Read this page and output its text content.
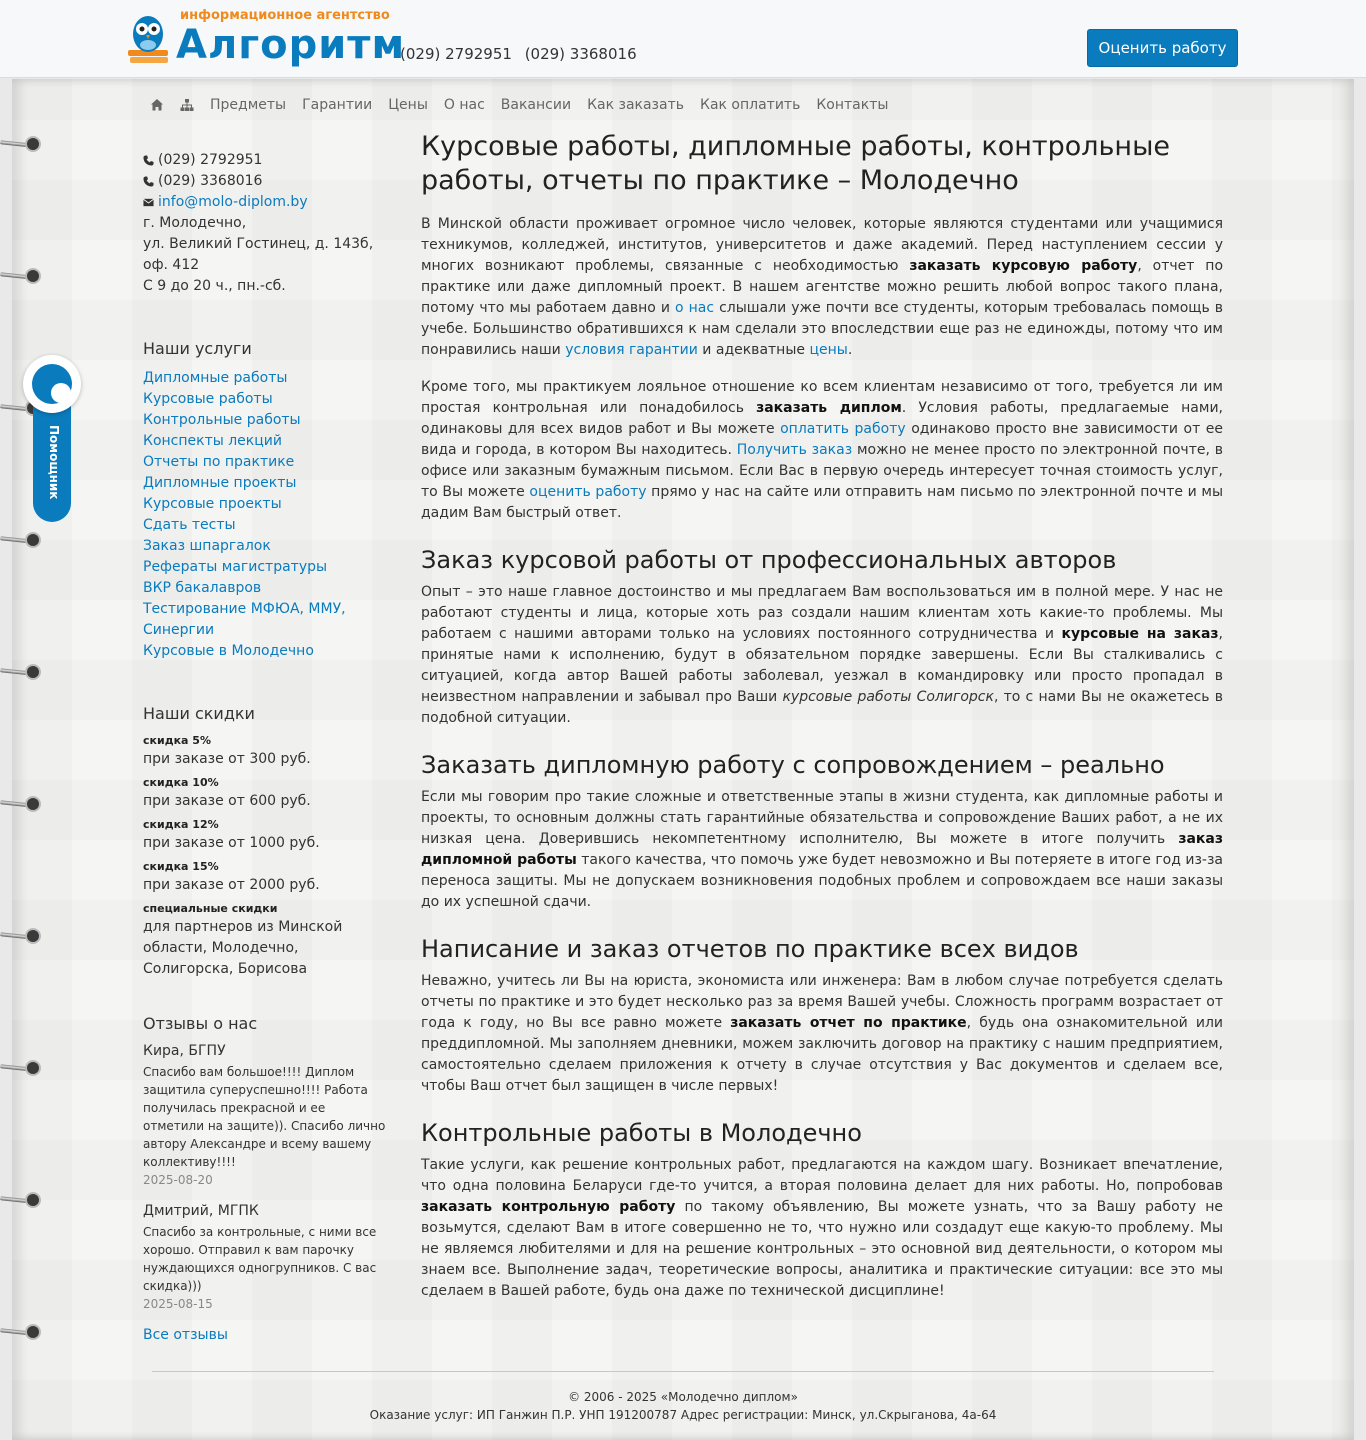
информационное агентство
Алгоритм
(029) 2792951 (029) 3368016	Оценить работу
Предметы Гарантии Цены О нас Вакансии Как заказать Как оплатить Контакты
(029) 2792951
(029) 3368016
info@molo-diplom.by
г. Молодечно,
ул. Великий Гостинец, д. 143б,
оф. 412
С 9 до 20 ч., пн.-сб.
Наши услуги
Дипломные работы
Курсовые работы
Контрольные работы
Конспекты лекций
Отчеты по практике
Дипломные проекты
Курсовые проекты
Сдать тесты
Заказ шпаргалок
Рефераты магистратуры
ВКР бакалавров
Тестирование МФЮА, ММУ, Синергии
Курсовые в Молодечно
Наши скидки
скидка 5%
при заказе от 300 руб.
скидка 10%
при заказе от 600 руб.
скидка 12%
при заказе от 1000 руб.
скидка 15%
при заказе от 2000 руб.
специальные скидки
для партнеров из Минской области, Молодечно, Солигорска, Борисова
Отзывы о нас
Кира, БГПУ
Спасибо вам большое!!!! Диплом защитила суперуспешно!!!! Работа получилась прекрасной и ее отметили на защите)). Спасибо лично автору Александре и всему вашему коллективу!!!!
2025-08-20
Дмитрий, МГПК
Спасибо за контрольные, с ними все хорошо. Отправил к вам парочку нуждающихся одногрупников. С вас скидка)))
2025-08-15
Все отзывы
Помощник
Курсовые работы, дипломные работы, контрольные работы, отчеты по практике – Молодечно

В Минской области проживает огромное число человек, которые являются студентами или учащимися техникумов, колледжей, институтов, университетов и даже академий. Перед наступлением сессии у многих возникают проблемы, связанные с необходимостью заказать курсовую работу, отчет по практике или даже дипломный проект. В нашем агентстве можно решить любой вопрос такого плана, потому что мы работаем давно и о нас слышали уже почти все студенты, которым требовалась помощь в учебе. Большинство обратившихся к нам сделали это впоследствии еще раз не единожды, потому что им понравились наши условия гарантии и адекватные цены.

Кроме того, мы практикуем лояльное отношение ко всем клиентам независимо от того, требуется ли им простая контрольная или понадобилось заказать диплом. Условия работы, предлагаемые нами, одинаковы для всех видов работ и Вы можете оплатить работу одинаково просто вне зависимости от ее вида и города, в котором Вы находитесь. Получить заказ можно не менее просто по электронной почте, в офисе или заказным бумажным письмом. Если Вас в первую очередь интересует точная стоимость услуг, то Вы можете оценить работу прямо у нас на сайте или отправить нам письмо по электронной почте и мы дадим Вам быстрый ответ.

Заказ курсовой работы от профессиональных авторов

Опыт – это наше главное достоинство и мы предлагаем Вам воспользоваться им в полной мере. У нас не работают студенты и лица, которые хоть раз создали нашим клиентам хоть какие-то проблемы. Мы работаем с нашими авторами только на условиях постоянного сотрудничества и курсовые на заказ, принятые нами к исполнению, будут в обязательном порядке завершены. Если Вы сталкивались с ситуацией, когда автор Вашей работы заболевал, уезжал в командировку или просто пропадал в неизвестном направлении и забывал про Ваши курсовые работы Солигорск, то с нами Вы не окажетесь в подобной ситуации.

Заказать дипломную работу с сопровождением – реально

Если мы говорим про такие сложные и ответственные этапы в жизни студента, как дипломные работы и проекты, то основным должны стать гарантийные обязательства и сопровождение Ваших работ, а не их низкая цена. Доверившись некомпетентному исполнителю, Вы можете в итоге получить заказ дипломной работы такого качества, что помочь уже будет невозможно и Вы потеряете в итоге год из-за переноса защиты. Мы не допускаем возникновения подобных проблем и сопровождаем все наши заказы до их успешной сдачи.

Написание и заказ отчетов по практике всех видов

Неважно, учитесь ли Вы на юриста, экономиста или инженера: Вам в любом случае потребуется сделать отчеты по практике и это будет несколько раз за время Вашей учебы. Сложность программ возрастает от года к году, но Вы все равно можете заказать отчет по практике, будь она ознакомительной или преддипломной. Мы заполняем дневники, можем заключить договор на практику с нашим предприятием, самостоятельно сделаем приложения к отчету в случае отсутствия у Вас документов и сделаем все, чтобы Ваш отчет был защищен в числе первых!

Контрольные работы в Молодечно

Такие услуги, как решение контрольных работ, предлагаются на каждом шагу. Возникает впечатление, что одна половина Беларуси где-то учится, а вторая половина делает для них работы. Но, попробовав заказать контрольную работу по такому объявлению, Вы можете узнать, что за Вашу работу не возьмутся, сделают Вам в итоге совершенно не то, что нужно или создадут еще какую-то проблему. Мы не являемся любителями и для на решение контрольных – это основной вид деятельности, о котором мы знаем все. Выполнение задач, теоретические вопросы, аналитика и практические ситуации: все это мы сделаем в Вашей работе, будь она даже по технической дисциплине!

© 2006 - 2025 «Молодечно диплом»
Оказание услуг: ИП Ганжин П.Р. УНП 191200787 Адрес регистрации: Минск, ул.Скрыганова, 4а-64
